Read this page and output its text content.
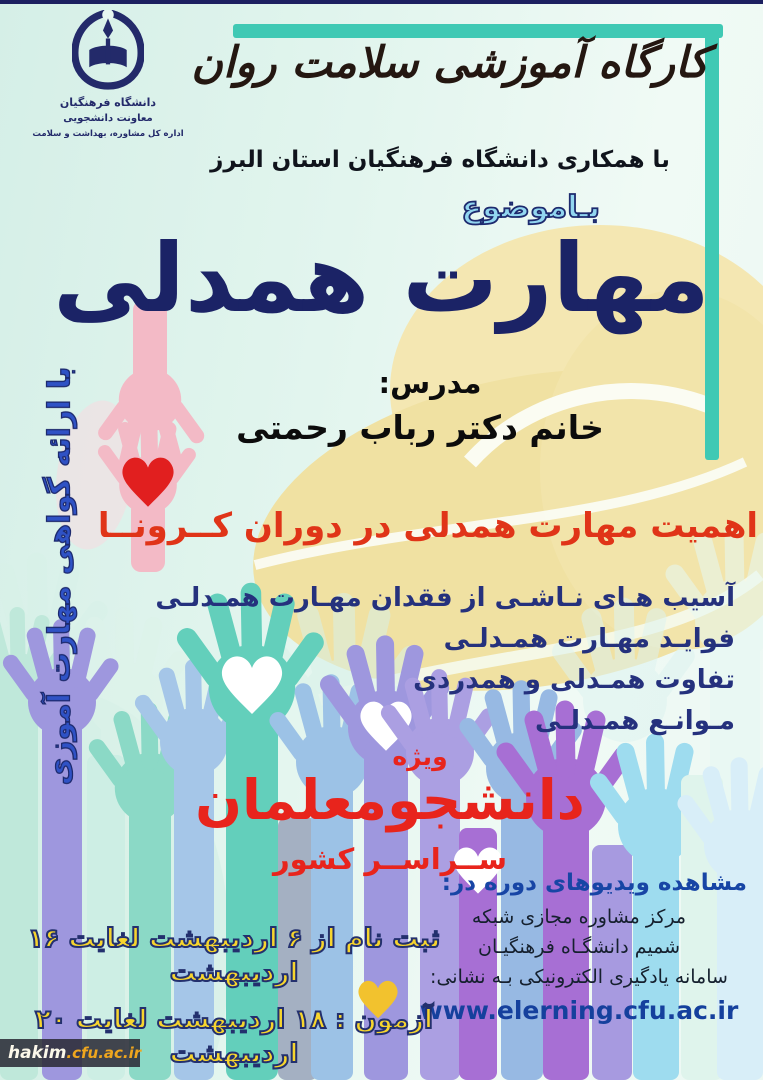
دانشگاه فرهنگیان
معاونت دانشجویی
اداره کل مشاوره، بهداشت و سلامت
کارگاه آموزشی سلامت روان
با همکاری دانشگاه فرهنگیان استان البرز
بـاموضوع
مهارت همدلی
مدرس:
خانم دکتر رباب رحمتی
اهمیت مهارت همدلی در دوران کــرونــا
آسیب هـای نـاشـی از فقدان مهـارت همـدلـی
فوایـد مهـارت همـدلـی
تفاوت همـدلی و همدردی
مـوانـع همـدلـی
ویژه
دانشجومعلمان
ســراســر کشور
با ارائه گواهی مهارت آموزی
مشاهده ویدیوهای دوره در:
مرکز مشاوره مجازی شبکه
شمیم دانشگـاه فرهنگیـان
سامانه یادگیری الکترونیکی بـه نشانی:
www.elerning.cfu.ac.ir
ثبت نام از ۶ اردیبهشت لغایت ۱۶ اردیبهشت
آزمون : ۱۸ اردیبهشت لغایت ۲۰ اردیبهشت
hakim .cfu.ac.ir
